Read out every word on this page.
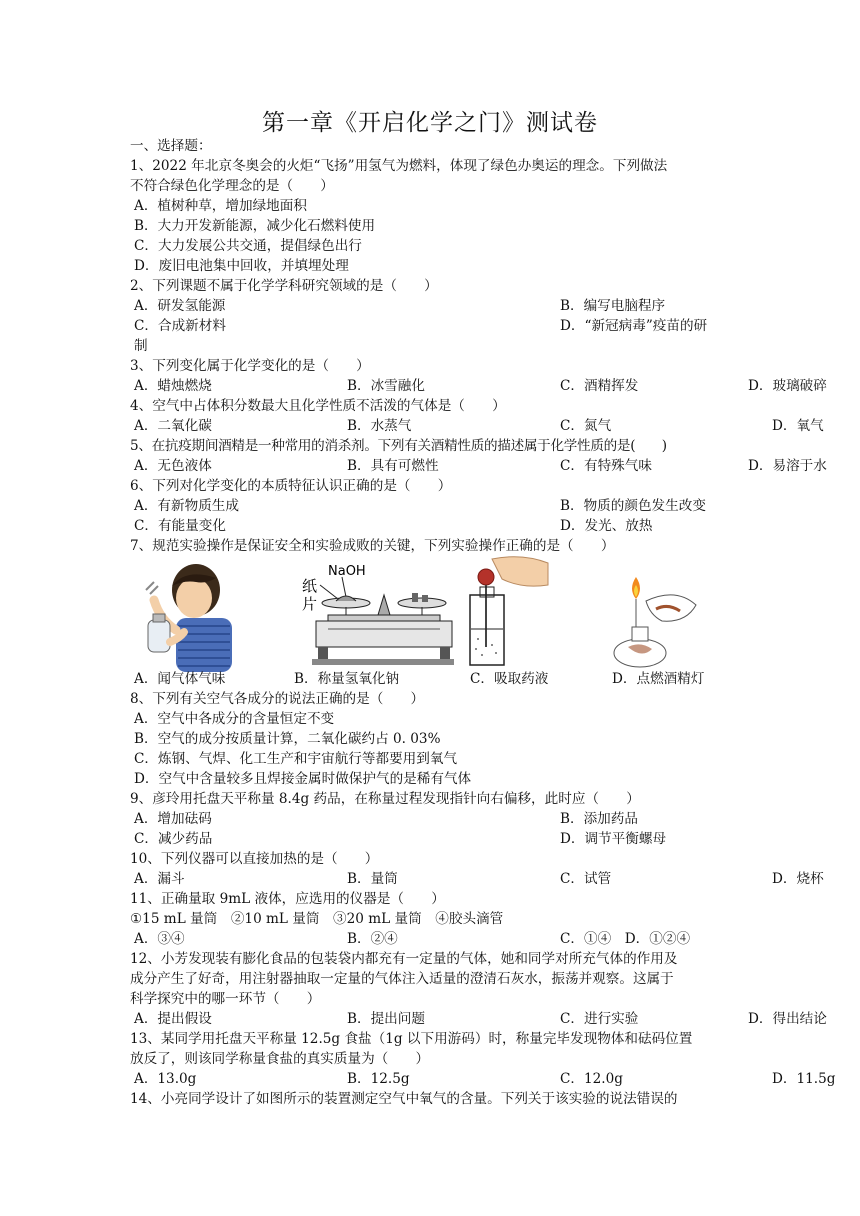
第一章《开启化学之门》测试卷
一、选择题：
1、2022 年北京冬奥会的火炬“飞扬”用氢气为燃料，体现了绿色办奥运的理念。下列做法
不符合绿色化学理念的是（　　）
A．植树种草，增加绿地面积
B．大力开发新能源，减少化石燃料使用
C．大力发展公共交通，提倡绿色出行
D．废旧电池集中回收，并填埋处理
2、下列课题不属于化学学科研究领域的是（　　）
A．研发氢能源	B．编写电脑程序
C．合成新材料	D．“新冠病毒”疫苗的研
制
3、下列变化属于化学变化的是（　　）
A．蜡烛燃烧	B．冰雪融化	C．酒精挥发	D．玻璃破碎
4、空气中占体积分数最大且化学性质不活泼的气体是（　　）
A．二氧化碳	B．水蒸气	C．氮气	D．氧气
5、在抗疫期间酒精是一种常用的消杀剂。下列有关酒精性质的描述属于化学性质的是(　　)
A．无色液体	B．具有可燃性	C．有特殊气味	D．易溶于水
6、下列对化学变化的本质特征认识正确的是（　　）
A．有新物质生成	B．物质的颜色发生改变
C．有能量变化	D．发光、放热
7、规范实验操作是保证安全和实验成败的关键，下列实验操作正确的是（　　）
NaOH
纸
片
A．闻气体气味	B．称量氢氧化钠	C．吸取药液	D．点燃酒精灯
8、下列有关空气各成分的说法正确的是（　　）
A．空气中各成分的含量恒定不变
B．空气的成分按质量计算，二氧化碳约占 0. 03%
C．炼钢、气焊、化工生产和宇宙航行等都要用到氧气
D．空气中含量较多且焊接金属时做保护气的是稀有气体
9、彦玲用托盘天平称量 8.4g 药品，在称量过程发现指针向右偏移，此时应（　　）
A．增加砝码	B．添加药品
C．减少药品	D．调节平衡螺母
10、下列仪器可以直接加热的是（　　）
A．漏斗	B．量筒	C．试管	D．烧杯
11、正确量取 9mL 液体，应选用的仪器是（　　）
①15 mL 量筒　②10 mL 量筒　③20 mL 量筒　④胶头滴管
A．③④	B．②④	C．①④　D．①②④
12、小芳发现装有膨化食品的包装袋内都充有一定量的气体，她和同学对所充气体的作用及
成分产生了好奇，用注射器抽取一定量的气体注入适量的澄清石灰水，振荡并观察。这属于
科学探究中的哪一环节（　　）
A．提出假设	B．提出问题	C．进行实验	D．得出结论
13、某同学用托盘天平称量 12.5g 食盐（1g 以下用游码）时，称量完毕发现物体和砝码位置
放反了，则该同学称量食盐的真实质量为（　　）
A．13.0g	B．12.5g	C．12.0g	D．11.5g
14、小亮同学设计了如图所示的装置测定空气中氧气的含量。下列关于该实验的说法错误的
